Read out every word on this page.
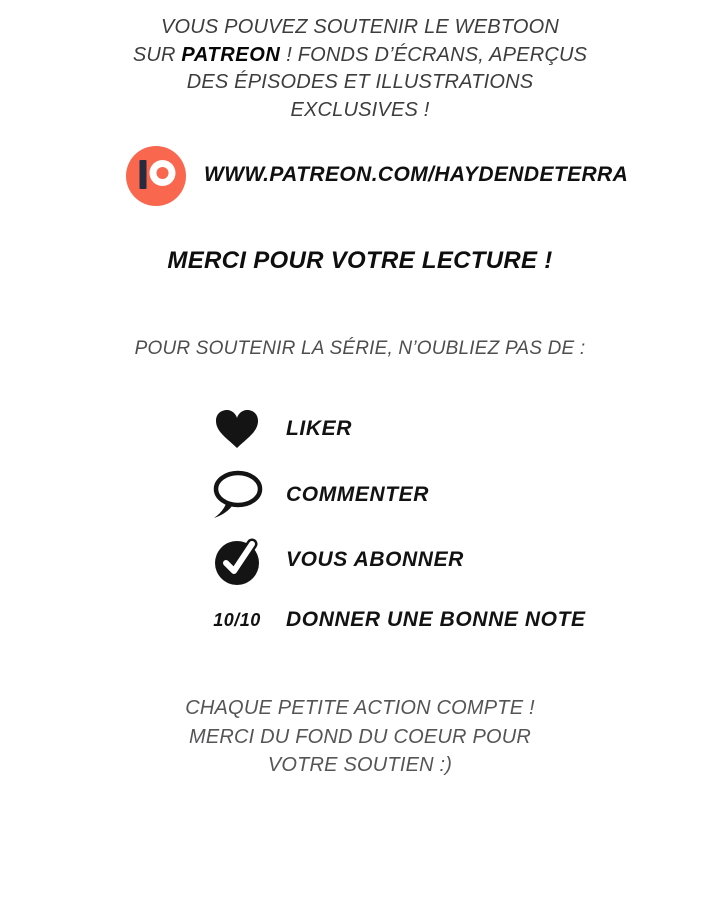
VOUS POUVEZ SOUTENIR LE WEBTOON
SUR PATREON ! FONDS D’ÉCRANS, APERÇUS
DES ÉPISODES ET ILLUSTRATIONS
EXCLUSIVES !
WWW.PATREON.COM/HAYDENDETERRA
MERCI POUR VOTRE LECTURE !
POUR SOUTENIR LA SÉRIE, N’OUBLIEZ PAS DE :
LIKER
COMMENTER
VOUS ABONNER
10/10 DONNER UNE BONNE NOTE
CHAQUE PETITE ACTION COMPTE !
MERCI DU FOND DU COEUR POUR
VOTRE SOUTIEN :)
